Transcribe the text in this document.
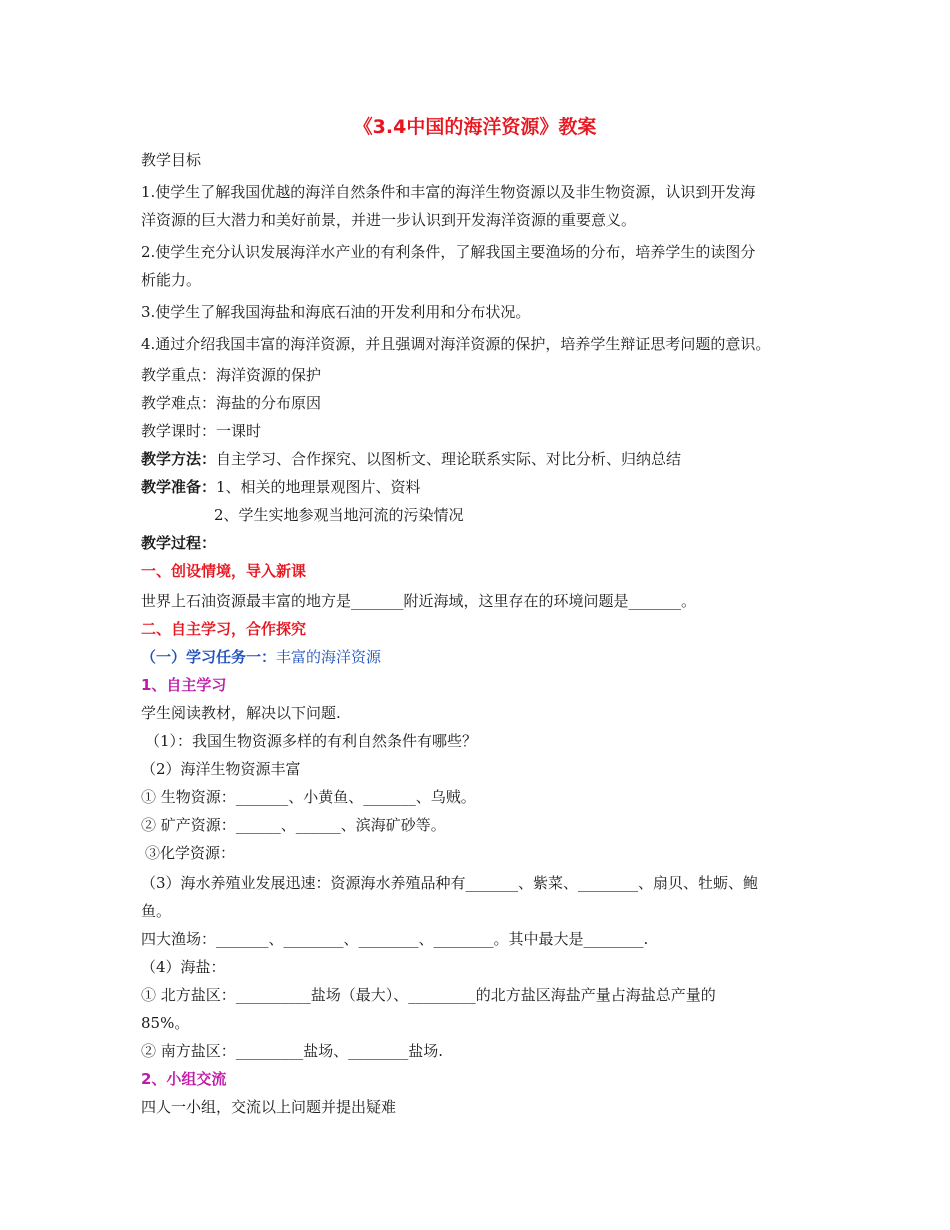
《3.4中国的海洋资源》教案
教学目标
1.使学生了解我国优越的海洋自然条件和丰富的海洋生物资源以及非生物资源，认识到开发海
洋资源的巨大潜力和美好前景，并进一步认识到开发海洋资源的重要意义。
2.使学生充分认识发展海洋水产业的有利条件，了解我国主要渔场的分布，培养学生的读图分
析能力。
3.使学生了解我国海盐和海底石油的开发利用和分布状况。
4.通过介绍我国丰富的海洋资源，并且强调对海洋资源的保护，培养学生辩证思考问题的意识。
教学重点：海洋资源的保护
教学难点：海盐的分布原因
教学课时：一课时
教学方法：自主学习、合作探究、以图析文、理论联系实际、对比分析、归纳总结
教学准备：1、相关的地理景观图片、资料
2、学生实地参观当地河流的污染情况
教学过程：
一、创设情境，导入新课
世界上石油资源最丰富的地方是_______附近海域，这里存在的环境问题是_______。
二、自主学习，合作探究
（一）学习任务一：丰富的海洋资源
1、自主学习
学生阅读教材，解决以下问题.
（1）：我国生物资源多样的有利自然条件有哪些？
（2）海洋生物资源丰富
① 生物资源：_______、小黄鱼、_______、乌贼。
② 矿产资源：______、______、滨海矿砂等。
③化学资源：
（3）海水养殖业发展迅速：资源海水养殖品种有_______、紫菜、________、扇贝、牡蛎、鲍
鱼。
四大渔场：_______、________、________、________。其中最大是________.
（4）海盐：
① 北方盐区：__________盐场（最大）、_________的北方盐区海盐产量占海盐总产量的
85%。
② 南方盐区：_________盐场、________盐场.
2、小组交流
四人一小组，交流以上问题并提出疑难
